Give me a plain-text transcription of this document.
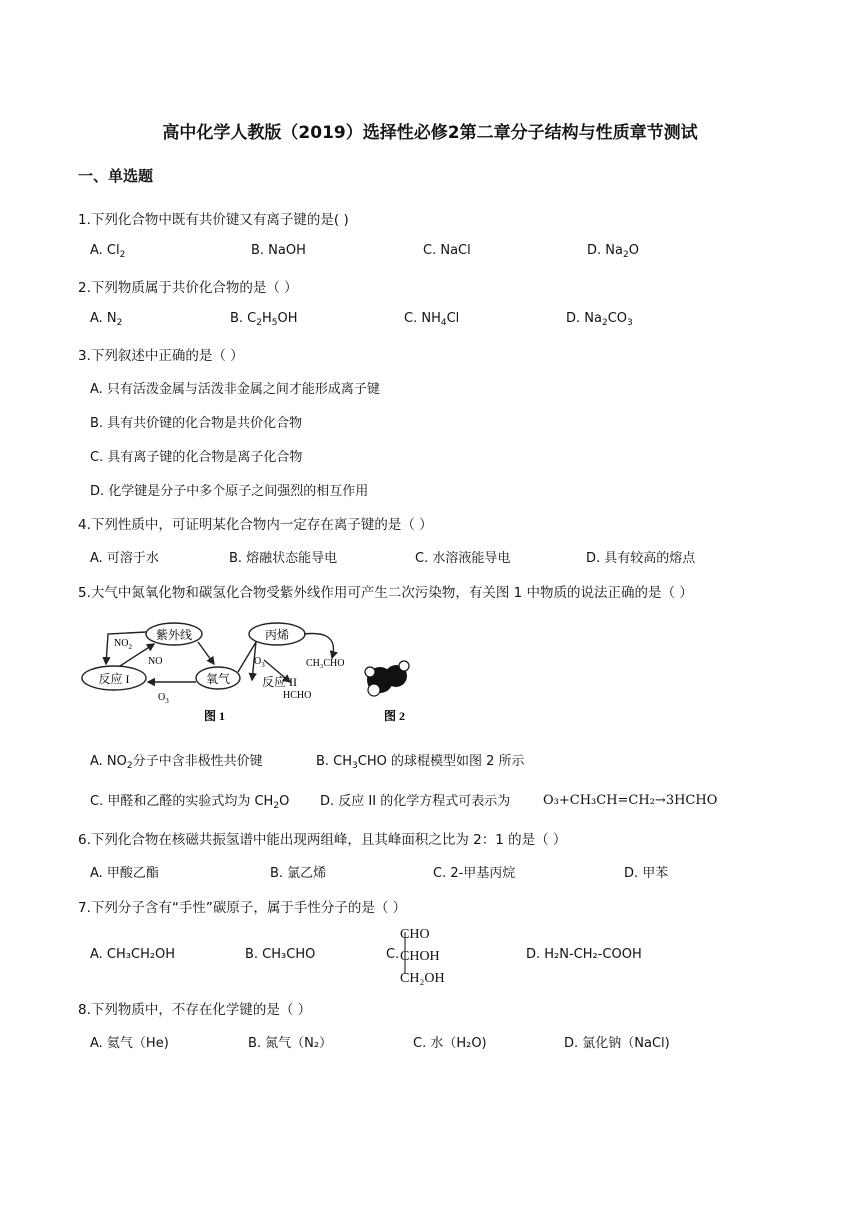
高中化学人教版（2019）选择性必修2第二章分子结构与性质章节测试
一、单选题
1.下列化合物中既有共价键又有离子键的是( )
A. $Cl_2$	B. NaOH	C. NaCl	D. $Na_2O$
2.下列物质属于共价化合物的是（ ）
A. $N_2$	B. $C_2H_5OH$	C. $NH_4Cl$	D. $Na_2CO_3$
3.下列叙述中正确的是（ ）
A. 只有活泼金属与活泼非金属之间才能形成离子键
B. 具有共价键的化合物是共价化合物
C. 具有离子键的化合物是离子化合物
D. 化学键是分子中多个原子之间强烈的相互作用
4.下列性质中，可证明某化合物内一定存在离子键的是（ ）
A. 可溶于水	B. 熔融状态能导电	C. 水溶液能导电	D. 具有较高的熔点
5.大气中氮氧化物和碳氢化合物受紫外线作用可产生二次污染物，有关图 1 中物质的说法正确的是（ ）
紫外线
反应 I	氧气
丙烯
反应 II
$NO_2$
NO
$O_3$
$O_3$	CH₃CHO
HCHO
图 1	图 2
A. $NO_2$分子中含非极性共价键	B. $CH_3CHO$ 的球棍模型如图 2 所示
C. 甲醛和乙醛的实验式均为 $CH_2O$ D. 反应 II 的化学方程式可表示为	O₃+CH₃CH=CH₂→3HCHO
6.下列化合物在核磁共振氢谱中能出现两组峰，且其峰面积之比为 2：1 的是（ ）
A. 甲酸乙酯	B. 氯乙烯	C. 2-甲基丙烷	D. 甲苯
7.下列分子含有“手性”碳原子，属于手性分子的是（ ）
A. CH₃CH₂OH	B. CH₃CHO	C.
CHO
CHOH
CH₂OH
D. H₂N-CH₂-COOH
8.下列物质中，不存在化学键的是（ ）
A. 氦气（He)	B. 氮气（N₂）	C. 水（H₂O)	D. 氯化钠（NaCl)
